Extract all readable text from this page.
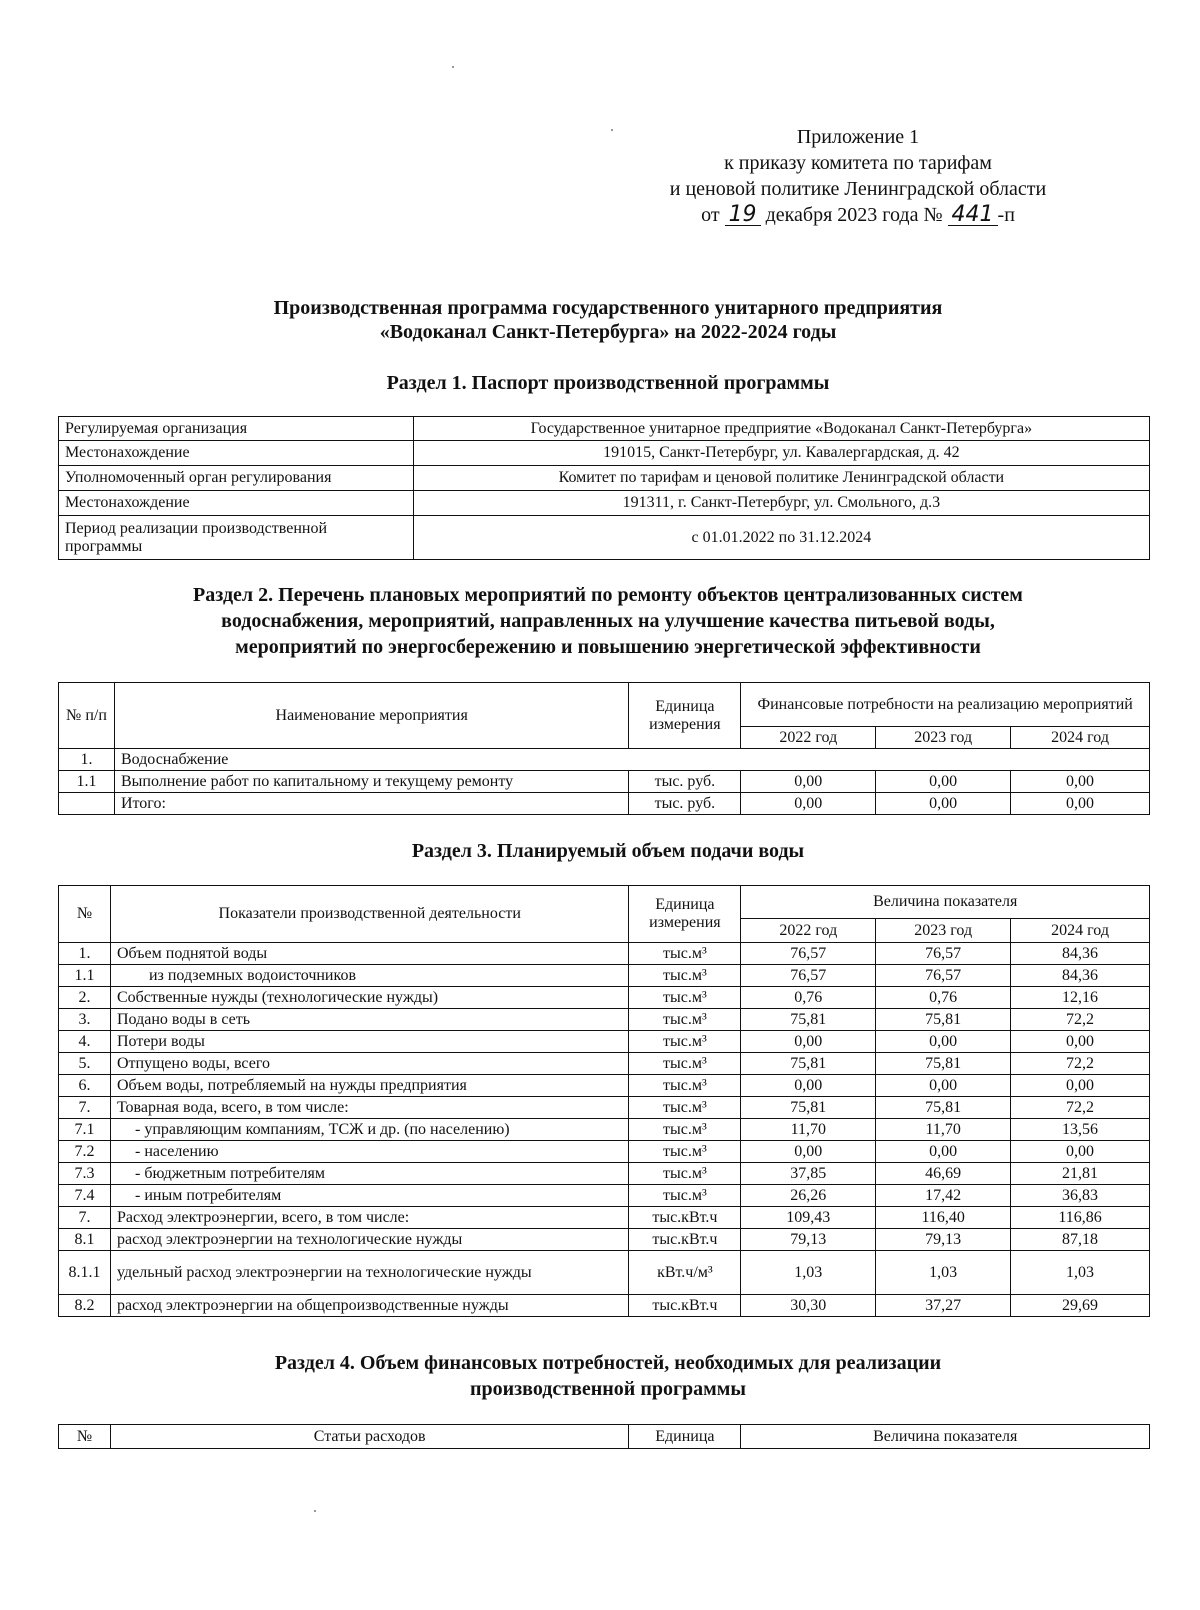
Приложение 1
к приказу комитета по тарифам
и ценовой политике Ленинградской области
от 19 декабря 2023 года № 441 -п
Производственная программа государственного унитарного предприятия
«Водоканал Санкт-Петербурга» на 2022-2024 годы
Раздел 1. Паспорт производственной программы
Регулируемая организация	Государственное унитарное предприятие «Водоканал Санкт-Петербурга»
Местонахождение	191015, Санкт-Петербург, ул. Кавалергардская, д. 42
Уполномоченный орган регулирования	Комитет по тарифам и ценовой политике Ленинградской области
Местонахождение	191311, г. Санкт-Петербург, ул. Смольного, д.3
Период реализации производственной программы	с 01.01.2022 по 31.12.2024
Раздел 2. Перечень плановых мероприятий по ремонту объектов централизованных систем
водоснабжения, мероприятий, направленных на улучшение качества питьевой воды,
мероприятий по энергосбережению и повышению энергетической эффективности
№ п/п	Наименование мероприятия	Единица измерения	Финансовые потребности на реализацию мероприятий		
			2022 год	2023 год	2024 год
1.	Водоснабжение				
1.1	Выполнение работ по капитальному и текущему ремонту	тыс. руб.	0,00	0,00	0,00
	Итого:	тыс. руб.	0,00	0,00	0,00
Раздел 3. Планируемый объем подачи воды
№	Показатели производственной деятельности	Единица измерения	Величина показателя		
			2022 год	2023 год	2024 год
1.	Объем поднятой воды	тыс.м³	76,57	76,57	84,36
1.1	из подземных водоисточников	тыс.м³	76,57	76,57	84,36
2.	Собственные нужды (технологические нужды)	тыс.м³	0,76	0,76	12,16
3.	Подано воды в сеть	тыс.м³	75,81	75,81	72,2
4.	Потери воды	тыс.м³	0,00	0,00	0,00
5.	Отпущено воды, всего	тыс.м³	75,81	75,81	72,2
6.	Объем воды, потребляемый на нужды предприятия	тыс.м³	0,00	0,00	0,00
7.	Товарная вода, всего, в том числе:	тыс.м³	75,81	75,81	72,2
7.1	- управляющим компаниям, ТСЖ и др. (по населению)	тыс.м³	11,70	11,70	13,56
7.2	- населению	тыс.м³	0,00	0,00	0,00
7.3	- бюджетным потребителям	тыс.м³	37,85	46,69	21,81
7.4	- иным потребителям	тыс.м³	26,26	17,42	36,83
7.	Расход электроэнергии, всего, в том числе:	тыс.кВт.ч	109,43	116,40	116,86
8.1	расход электроэнергии на технологические нужды	тыс.кВт.ч	79,13	79,13	87,18
8.1.1	удельный расход электроэнергии на технологические нужды	кВт.ч/м³	1,03	1,03	1,03
8.2	расход электроэнергии на общепроизводственные нужды	тыс.кВт.ч	30,30	37,27	29,69
Раздел 4. Объем финансовых потребностей, необходимых для реализации
производственной программы
№	Статьи расходов	Единица	Величина показателя
